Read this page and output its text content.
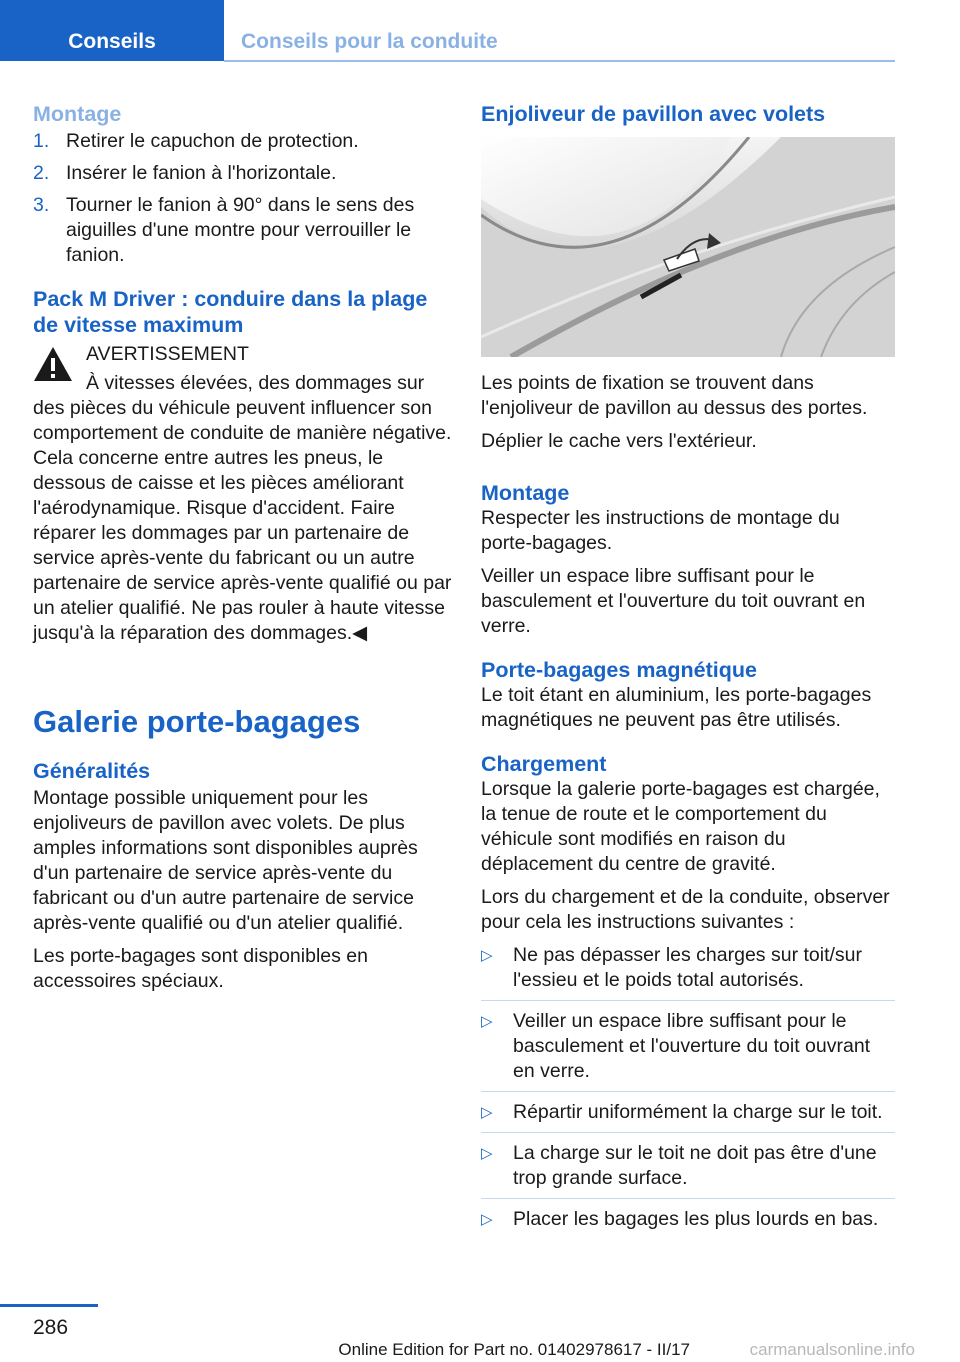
Conseils	Conseils pour la conduite
Montage
1. Retirer le capuchon de protection.
2. Insérer le fanion à l'horizontale.
3. Tourner le fanion à 90° dans le sens des aiguilles d'une montre pour verrouiller le fanion.
Pack M Driver : conduire dans la plage de vitesse maximum
AVERTISSEMENT

À vitesses élevées, des dommages sur des pièces du véhicule peuvent influencer son comportement de conduite de manière négative. Cela concerne entre autres les pneus, le dessous de caisse et les pièces améliorant l'aérodynamique. Risque d'accident. Faire réparer les dommages par un partenaire de service après-vente du fabricant ou un autre partenaire de service après-vente qualifié ou par un atelier qualifié. Ne pas rouler à haute vitesse jusqu'à la réparation des dommages.◀

Galerie porte-bagages
Généralités

Montage possible uniquement pour les enjoliveurs de pavillon avec volets. De plus amples informations sont disponibles auprès d'un partenaire de service après-vente du fabricant ou d'un autre partenaire de service après-vente qualifié ou d'un atelier qualifié.

Les porte-bagages sont disponibles en accessoires spéciaux.

Enjoliveur de pavillon avec volets

Les points de fixation se trouvent dans l'enjoliveur de pavillon au dessus des portes.

Déplier le cache vers l'extérieur.

Montage

Respecter les instructions de montage du porte-bagages.

Veiller un espace libre suffisant pour le basculement et l'ouverture du toit ouvrant en verre.

Porte-bagages magnétique

Le toit étant en aluminium, les porte-bagages magnétiques ne peuvent pas être utilisés.

Chargement

Lorsque la galerie porte-bagages est chargée, la tenue de route et le comportement du véhicule sont modifiés en raison du déplacement du centre de gravité.

Lors du chargement et de la conduite, observer pour cela les instructions suivantes :

▷ Ne pas dépasser les charges sur toit/sur l'essieu et le poids total autorisés.
▷ Veiller un espace libre suffisant pour le basculement et l'ouverture du toit ouvrant en verre.
▷ Répartir uniformément la charge sur le toit.
▷ La charge sur le toit ne doit pas être d'une trop grande surface.
▷ Placer les bagages les plus lourds en bas.
286
Online Edition for Part no. 01402978617 - II/17	carmanualsonline.info
